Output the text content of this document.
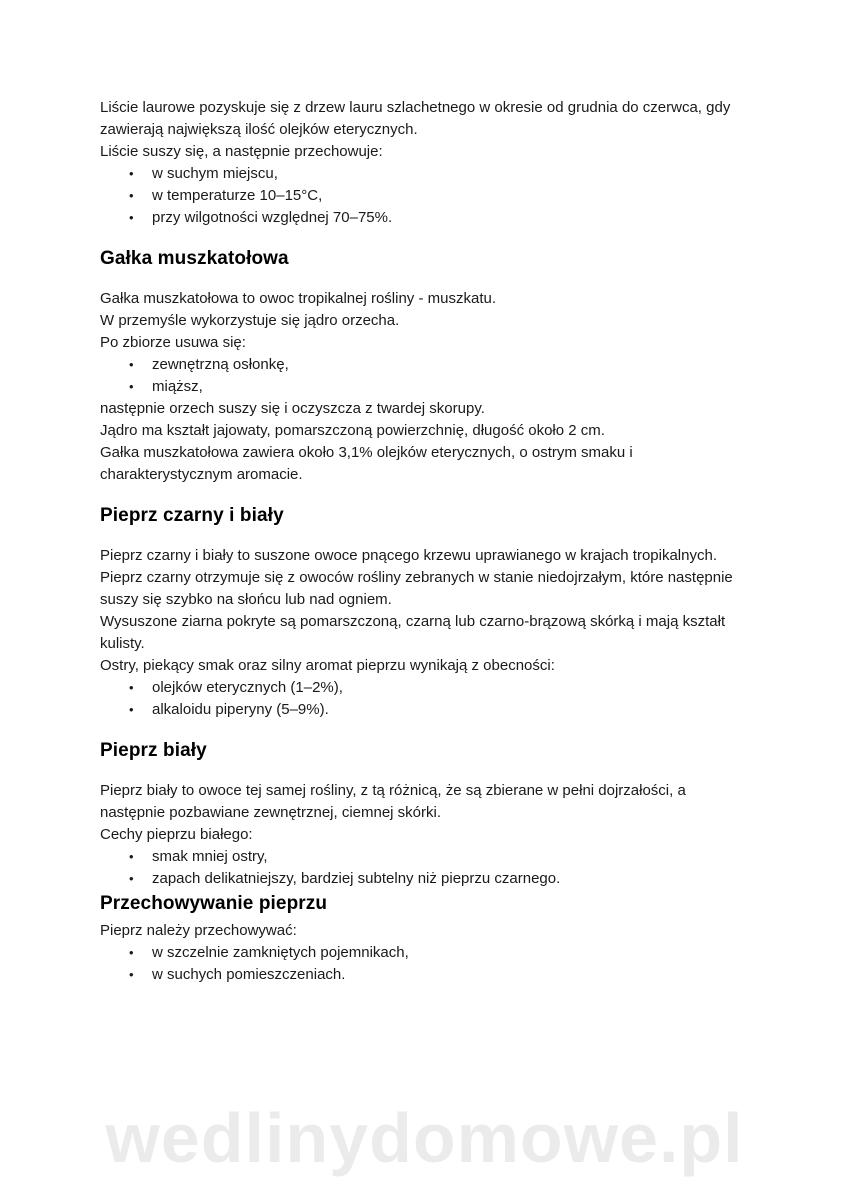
Liście laurowe pozyskuje się z drzew lauru szlachetnego w okresie od grudnia do czerwca, gdy zawierają największą ilość olejków eterycznych.

Liście suszy się, a następnie przechowuje:

• w suchym miejscu,
• w temperaturze 10–15°C,
• przy wilgotności względnej 70–75%.
Gałka muszkatołowa

Gałka muszkatołowa to owoc tropikalnej rośliny - muszkatu.

W przemyśle wykorzystuje się jądro orzecha.

Po zbiorze usuwa się:

• zewnętrzną osłonkę,
• miąższ,

następnie orzech suszy się i oczyszcza z twardej skorupy.

Jądro ma kształt jajowaty, pomarszczoną powierzchnię, długość około 2 cm.

Gałka muszkatołowa zawiera około 3,1% olejków eterycznych, o ostrym smaku i charakterystycznym aromacie.

Pieprz czarny i biały

Pieprz czarny i biały to suszone owoce pnącego krzewu uprawianego w krajach tropikalnych.

Pieprz czarny otrzymuje się z owoców rośliny zebranych w stanie niedojrzałym, które następnie suszy się szybko na słońcu lub nad ogniem.

Wysuszone ziarna pokryte są pomarszczoną, czarną lub czarno-brązową skórką i mają kształt kulisty.

Ostry, piekący smak oraz silny aromat pieprzu wynikają z obecności:

• olejków eterycznych (1–2%),
• alkaloidu piperyny (5–9%).
Pieprz biały

Pieprz biały to owoce tej samej rośliny, z tą różnicą, że są zbierane w pełni dojrzałości, a następnie pozbawiane zewnętrznej, ciemnej skórki.

Cechy pieprzu białego:

• smak mniej ostry,
• zapach delikatniejszy, bardziej subtelny niż pieprzu czarnego.
Przechowywanie pieprzu

Pieprz należy przechowywać:

• w szczelnie zamkniętych pojemnikach,
• w suchych pomieszczeniach.
wedlinydomowe.pl
